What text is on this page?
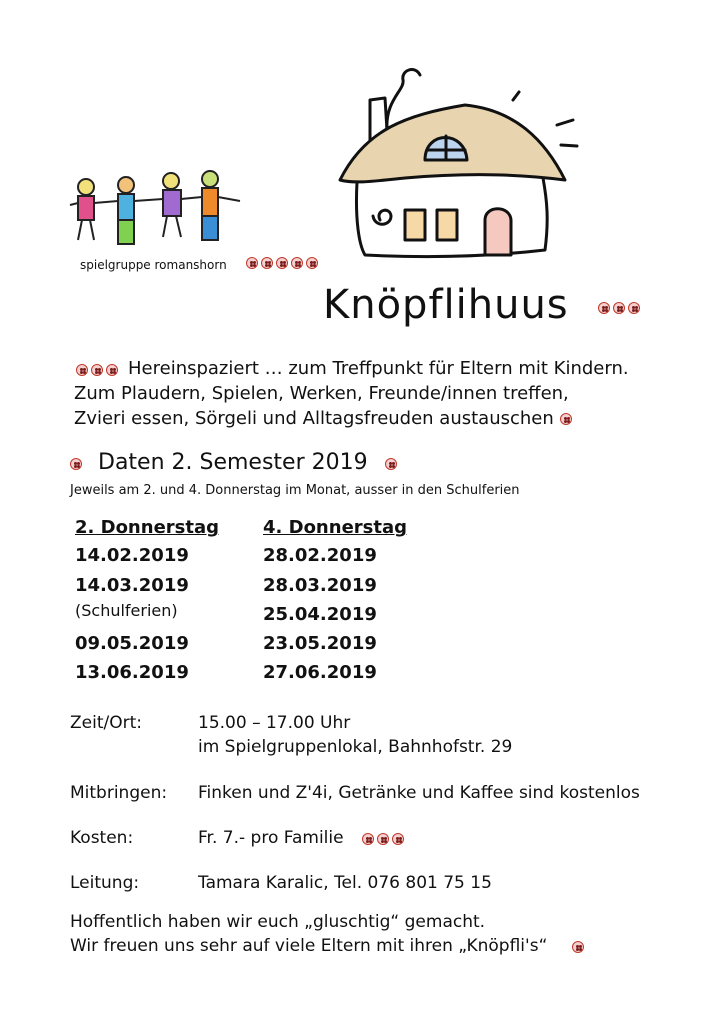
spielgruppe romanshorn
Knöpflihuus
Hereinspaziert … zum Treffpunkt für Eltern mit Kindern.
Zum Plaudern, Spielen, Werken, Freunde/innen treffen,
Zvieri essen, Sörgeli und Alltagsfreuden austauschen
Daten 2. Semester 2019
Jeweils am 2. und 4. Donnerstag im Monat, ausser in den Schulferien
2. Donnerstag 4. Donnerstag
14.02.2019	28.02.2019
14.03.2019	28.03.2019
(Schulferien)	25.04.2019
09.05.2019	23.05.2019
13.06.2019	27.06.2019
Zeit/Ort:	15.00 – 17.00 Uhr
im Spielgruppenlokal, Bahnhofstr. 29
Mitbringen: Finken und Z'4i, Getränke und Kaffee sind kostenlos
Kosten:	Fr. 7.- pro Familie
Leitung:	Tamara Karalic, Tel. 076 801 75 15
Hoffentlich haben wir euch „gluschtig“ gemacht.
Wir freuen uns sehr auf viele Eltern mit ihren „Knöpfli's“
